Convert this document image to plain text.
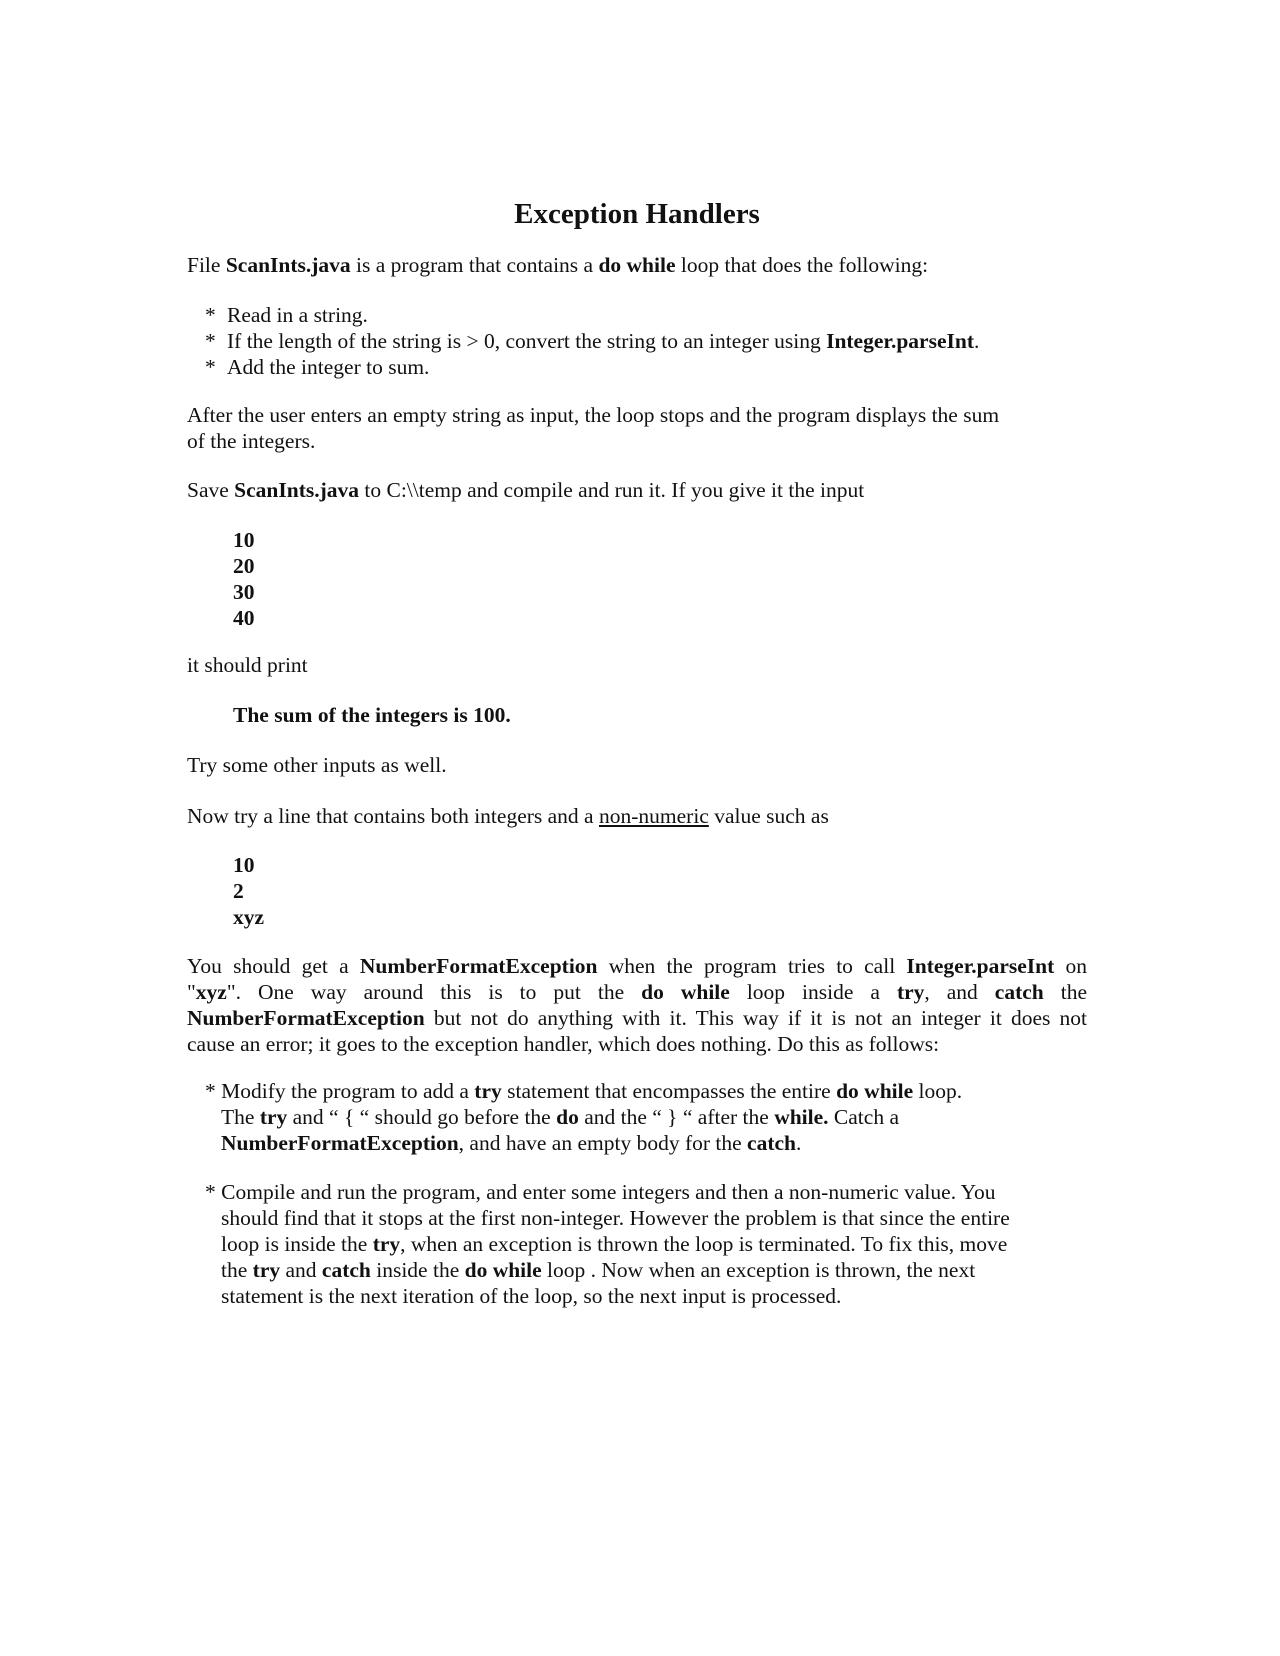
Exception Handlers

File ScanInts.java is a program that contains a do while loop that does the following:

* Read in a string.
* If the length of the string is > 0, convert the string to an integer using Integer.parseInt.
* Add the integer to sum.

After the user enters an empty string as input, the loop stops and the program displays the sum
of the integers.

Save ScanInts.java to C:\\temp and compile and run it. If you give it the input

10
20
30
40

it should print

The sum of the integers is 100.

Try some other inputs as well.

Now try a line that contains both integers and a non-numeric value such as

10
2
xyz
You should get a NumberFormatException when the program tries to call Integer.parseInt on
"xyz". One way around this is to put the do while loop inside a try, and catch the
NumberFormatException but not do anything with it. This way if it is not an integer it does not
cause an error; it goes to the exception handler, which does nothing. Do this as follows:
* Modify the program to add a try statement that encompasses the entire do while loop.
The try and “ { “ should go before the do and the “ } “ after the while. Catch a
NumberFormatException, and have an empty body for the catch.
* Compile and run the program, and enter some integers and then a non-numeric value. You
should find that it stops at the first non-integer. However the problem is that since the entire
loop is inside the try, when an exception is thrown the loop is terminated. To fix this, move
the try and catch inside the do while loop . Now when an exception is thrown, the next
statement is the next iteration of the loop, so the next input is processed.
